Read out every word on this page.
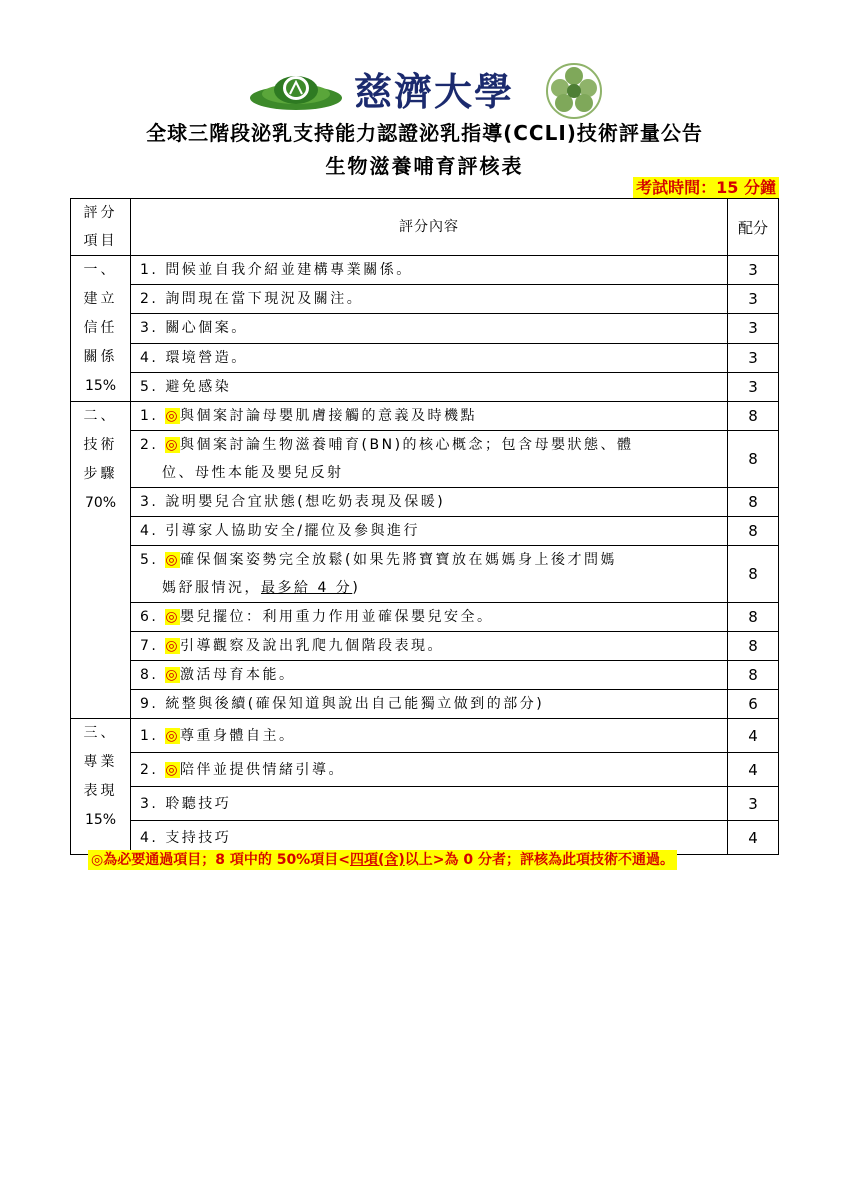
慈濟大學
全球三階段泌乳支持能力認證泌乳指導(CCLI)技術評量公告
生物滋養哺育評核表
考試時間：15 分鐘
評分
項目	評分內容	配分

一、
建立
信任
關係
15%	1. 問候並自我介紹並建構專業關係。	3
	2. 詢問現在當下現況及關注。	3
	3. 關心個案。	3
	4. 環境營造。	3
	5. 避免感染	3

二、
技術
步驟
70%	1. ◎與個案討論母嬰肌膚接觸的意義及時機點	8
	2. ◎與個案討論生物滋養哺育(BN)的核心概念；包含母嬰狀態、體
位、母性本能及嬰兒反射	8
	3. 說明嬰兒合宜狀態(想吃奶表現及保暖)	8
	4. 引導家人協助安全/擺位及參與進行	8
	5. ◎確保個案姿勢完全放鬆(如果先將寶寶放在媽媽身上後才問媽
媽舒服情況，最多給 4 分)	8
	6. ◎嬰兒擺位：利用重力作用並確保嬰兒安全。	8
	7. ◎引導觀察及說出乳爬九個階段表現。	8
	8. ◎激活母育本能。	8
	9. 統整與後續(確保知道與說出自己能獨立做到的部分)	6

三、
專業
表現
15%	1. ◎尊重身體自主。	4
	2. ◎陪伴並提供情緒引導。	4
	3. 聆聽技巧	3
	4. 支持技巧	4
◎為必要通過項目；8 項中的 50%項目<四項(含)以上>為 0 分者；評核為此項技術不通過。
